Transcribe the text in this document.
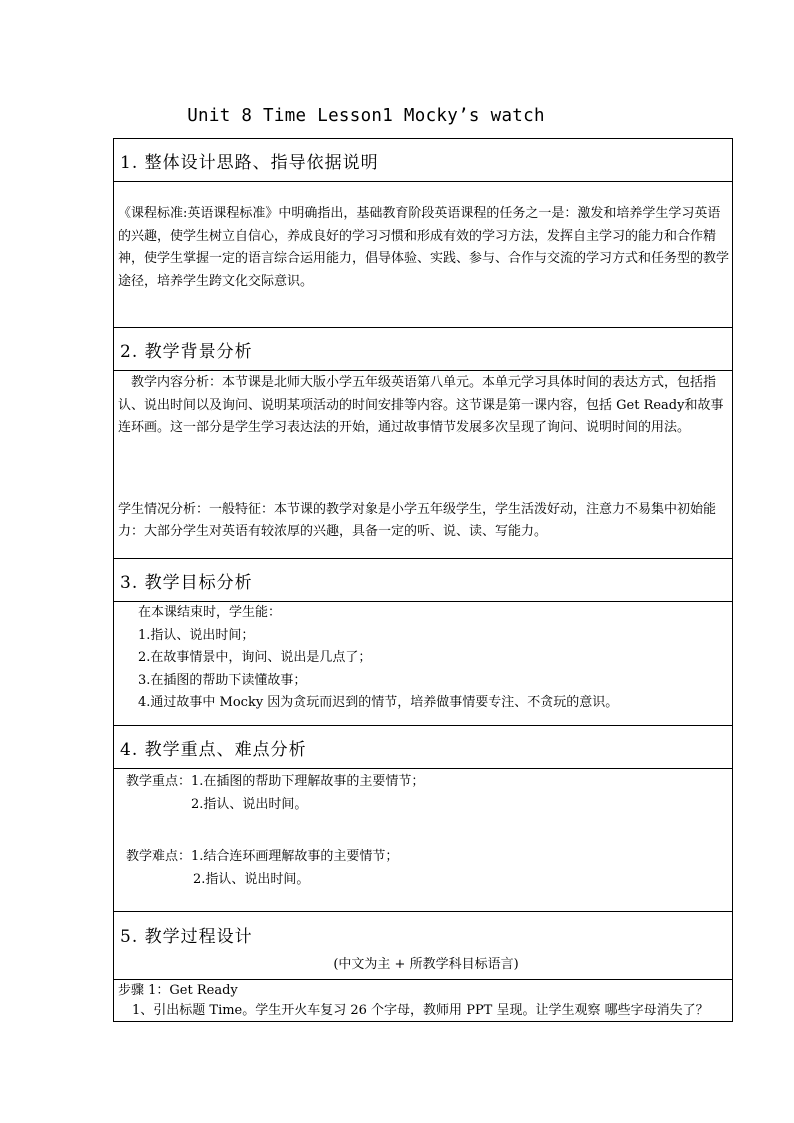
Unit 8 Time Lesson1 Mocky’s watch
1. 整体设计思路、指导依据说明

《课程标准:英语课程标准》中明确指出，基础教育阶段英语课程的任务之一是：激发和培养学生学习英语的兴趣，使学生树立自信心，养成良好的学习习惯和形成有效的学习方法，发挥自主学习的能力和合作精神，使学生掌握一定的语言综合运用能力，倡导体验、实践、参与、合作与交流的学习方式和任务型的教学途径，培养学生跨文化交际意识。

2. 教学背景分析

教学内容分析：本节课是北师大版小学五年级英语第八单元。本单元学习具体时间的表达方式，包括指认、说出时间以及询问、说明某项活动的时间安排等内容。这节课是第一课内容，包括 Get Ready和故事连环画。这一部分是学生学习表达法的开始，通过故事情节发展多次呈现了询问、说明时间的用法。

学生情况分析：一般特征：本节课的教学对象是小学五年级学生，学生活泼好动，注意力不易集中初始能力：大部分学生对英语有较浓厚的兴趣，具备一定的听、说、读、写能力。

3. 教学目标分析

在本课结束时，学生能：

1.指认、说出时间；

2.在故事情景中，询问、说出是几点了；

3.在插图的帮助下读懂故事；

4.通过故事中 Mocky 因为贪玩而迟到的情节，培养做事情要专注、不贪玩的意识。

4. 教学重点、难点分析

教学重点： 1.在插图的帮助下理解故事的主要情节；

2.指认、说出时间。

教学难点： 1.结合连环画理解故事的主要情节；

2.指认、说出时间。

5. 教学过程设计
(中文为主 + 所教学科目标语言)

步骤 1：Get Ready

1、引出标题 Time。学生开火车复习 26 个字母，教师用 PPT 呈现。让学生观察 哪些字母消失了？
